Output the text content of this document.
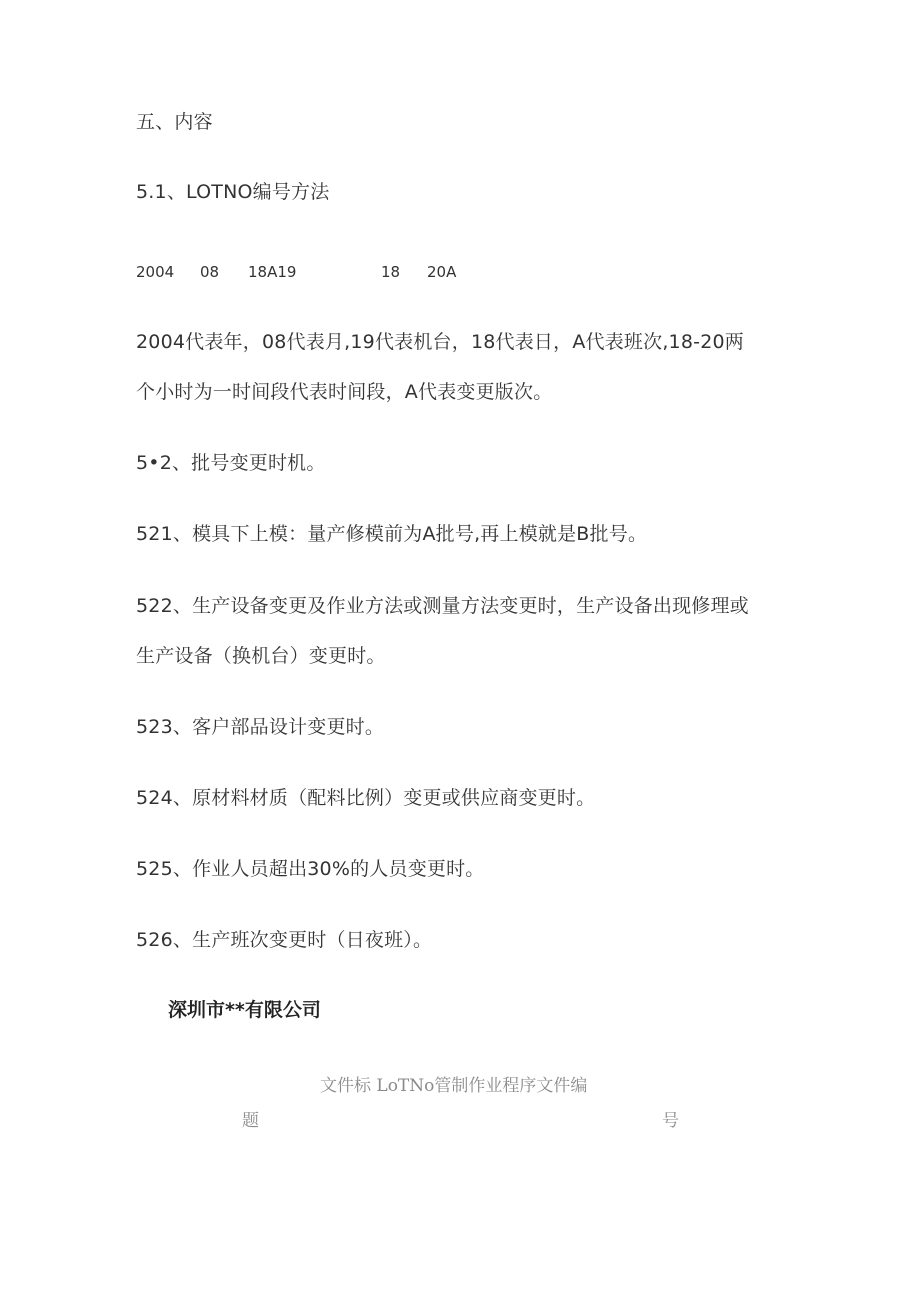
五、内容
5.1、LOTNO编号方法
2004 08 18A19	18 20A
2004代表年，08代表月,19代表机台，18代表日，A代表班次,18-20两
个小时为一时间段代表时间段，A代表变更版次。
5•2、批号变更时机。
521、模具下上模：量产修模前为A批号,再上模就是B批号。
522、生产设备变更及作业方法或测量方法变更时，生产设备出现修理或
生产设备（换机台）变更时。
523、客户部品设计变更时。
524、原材料材质（配料比例）变更或供应商变更时。
525、作业人员超出30%的人员变更时。
526、生产班次变更时（日夜班）。
深圳市**有限公司
文件标 LoTNo管制作业程序文件编
题	号
